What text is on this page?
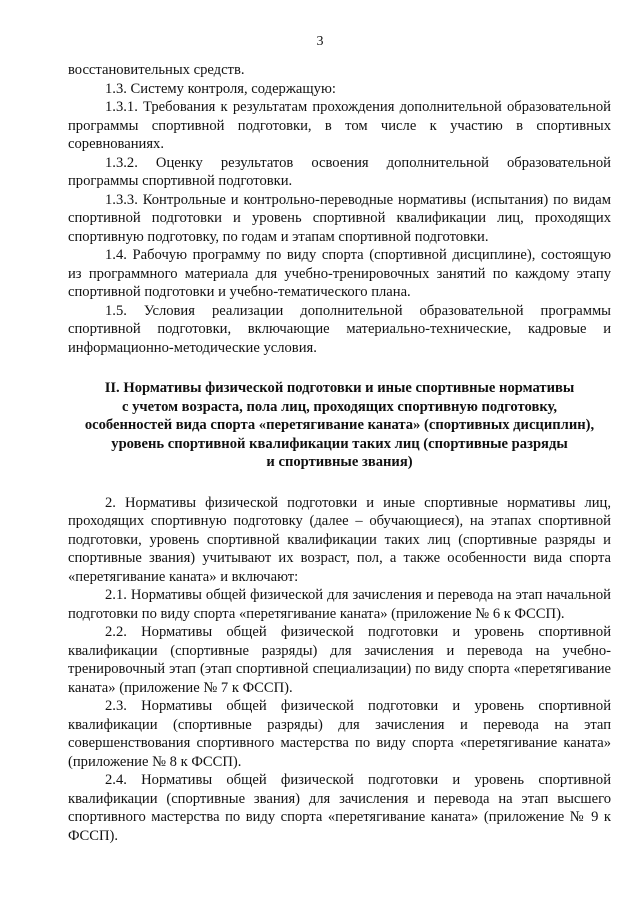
3

восстановительных средств.

1.3. Систему контроля, содержащую:

1.3.1. Требования к результатам прохождения дополнительной образовательной программы спортивной подготовки, в том числе к участию в спортивных соревнованиях.

1.3.2. Оценку результатов освоения дополнительной образовательной программы спортивной подготовки.

1.3.3. Контрольные и контрольно-переводные нормативы (испытания) по видам спортивной подготовки и уровень спортивной квалификации лиц, проходящих спортивную подготовку, по годам и этапам спортивной подготовки.

1.4. Рабочую программу по виду спорта (спортивной дисциплине), состоящую из программного материала для учебно-тренировочных занятий по каждому этапу спортивной подготовки и учебно-тематического плана.

1.5. Условия реализации дополнительной образовательной программы спортивной подготовки, включающие материально-технические, кадровые и информационно-методические условия.

II. Нормативы физической подготовки и иные спортивные нормативы
с учетом возраста, пола лиц, проходящих спортивную подготовку,
особенностей вида спорта «перетягивание каната» (спортивных дисциплин),
уровень спортивной квалификации таких лиц (спортивные разряды
и спортивные звания)

2. Нормативы физической подготовки и иные спортивные нормативы лиц, проходящих спортивную подготовку (далее – обучающиеся), на этапах спортивной подготовки, уровень спортивной квалификации таких лиц (спортивные разряды и спортивные звания) учитывают их возраст, пол, а также особенности вида спорта «перетягивание каната» и включают:

2.1. Нормативы общей физической для зачисления и перевода на этап начальной подготовки по виду спорта «перетягивание каната» (приложение № 6 к ФССП).

2.2. Нормативы общей физической подготовки и уровень спортивной квалификации (спортивные разряды) для зачисления и перевода на учебно-тренировочный этап (этап спортивной специализации) по виду спорта «перетягивание каната» (приложение № 7 к ФССП).

2.3. Нормативы общей физической подготовки и уровень спортивной квалификации (спортивные разряды) для зачисления и перевода на этап совершенствования спортивного мастерства по виду спорта «перетягивание каната» (приложение № 8 к ФССП).

2.4. Нормативы общей физической подготовки и уровень спортивной квалификации (спортивные звания) для зачисления и перевода на этап высшего спортивного мастерства по виду спорта «перетягивание каната» (приложение № 9 к ФССП).
